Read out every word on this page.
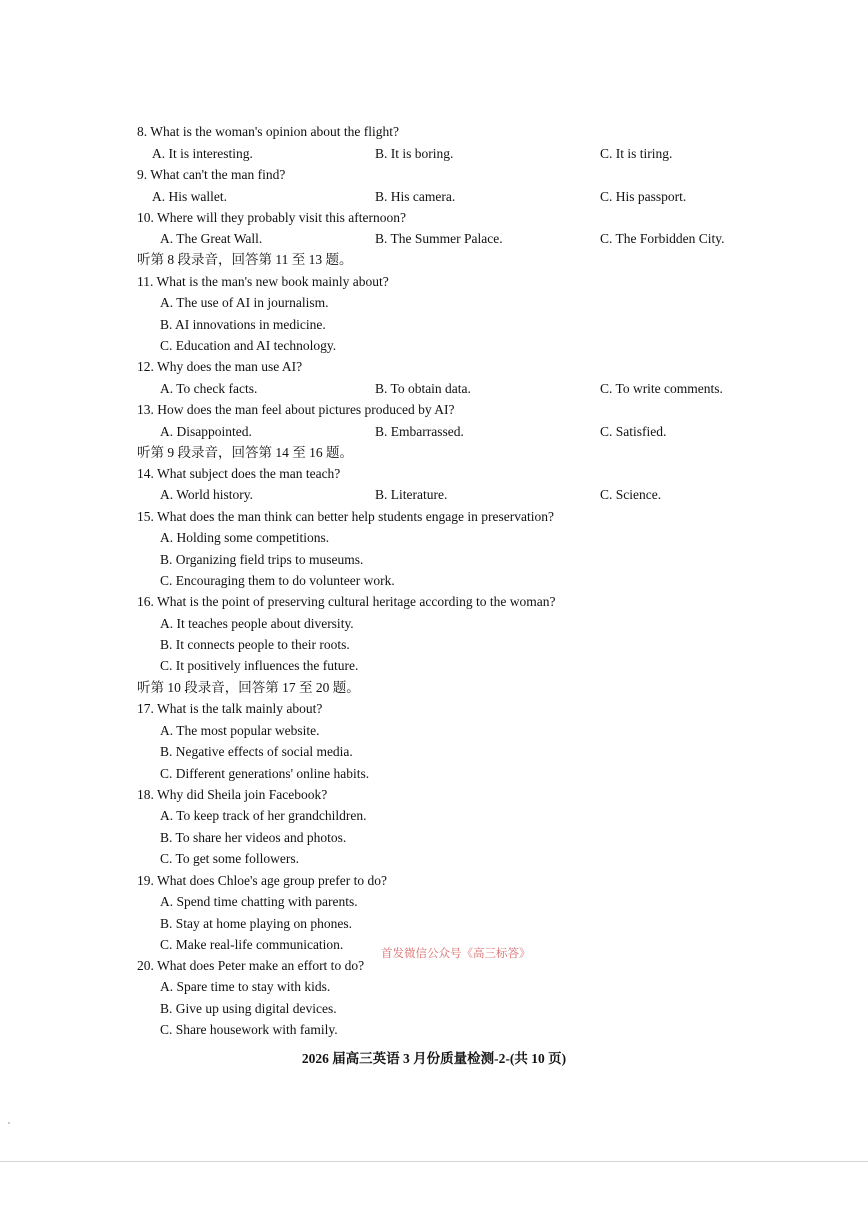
8. What is the woman's opinion about the flight?
A. It is interesting.	B. It is boring.	C. It is tiring.
9. What can't the man find?
A. His wallet.	B. His camera.	C. His passport.
10. Where will they probably visit this afternoon?
A. The Great Wall.	B. The Summer Palace.	C. The Forbidden City.
听第 8 段录音，回答第 11 至 13 题。
11. What is the man's new book mainly about?
A. The use of AI in journalism.
B. AI innovations in medicine.
C. Education and AI technology.
12. Why does the man use AI?
A. To check facts.	B. To obtain data.	C. To write comments.
13. How does the man feel about pictures produced by AI?
A. Disappointed.	B. Embarrassed.	C. Satisfied.
听第 9 段录音，回答第 14 至 16 题。
14. What subject does the man teach?
A. World history.	B. Literature.	C. Science.
15. What does the man think can better help students engage in preservation?
A. Holding some competitions.
B. Organizing field trips to museums.
C. Encouraging them to do volunteer work.
16. What is the point of preserving cultural heritage according to the woman?
A. It teaches people about diversity.
B. It connects people to their roots.
C. It positively influences the future.
听第 10 段录音，回答第 17 至 20 题。
17. What is the talk mainly about?
A. The most popular website.
B. Negative effects of social media.
C. Different generations' online habits.
18. Why did Sheila join Facebook?
A. To keep track of her grandchildren.
B. To share her videos and photos.
C. To get some followers.
19. What does Chloe's age group prefer to do?
A. Spend time chatting with parents.
B. Stay at home playing on phones.
C. Make real-life communication.
首发微信公众号《高三标答》
20. What does Peter make an effort to do?
A. Spare time to stay with kids.
B. Give up using digital devices.
C. Share housework with family.
2026 届高三英语 3 月份质量检测-2-(共 10 页)
